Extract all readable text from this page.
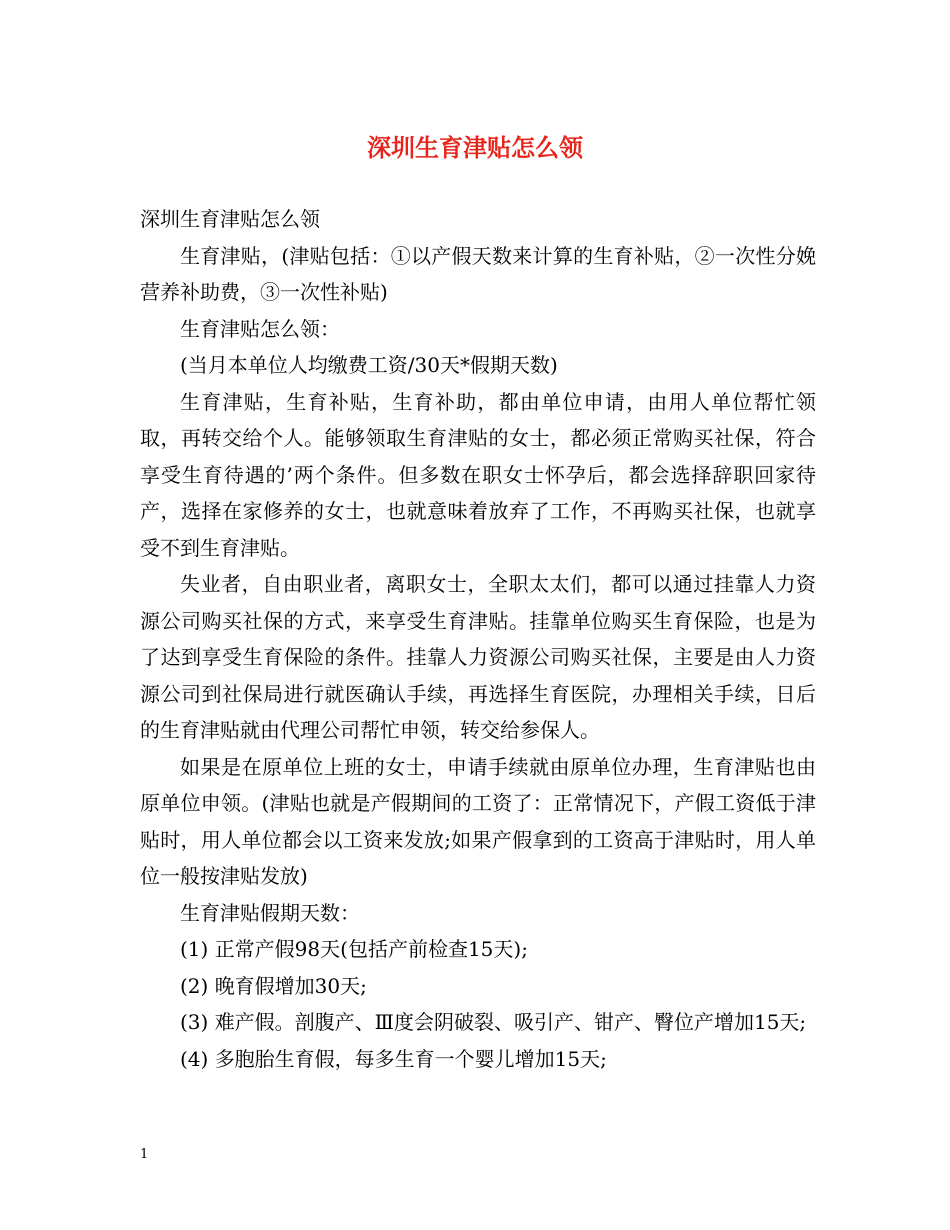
深圳生育津贴怎么领

深圳生育津贴怎么领

生育津贴，(津贴包括：①以产假天数来计算的生育补贴，②一次性分娩营养补助费，③一次性补贴)

生育津贴怎么领：

(当月本单位人均缴费工资/30天*假期天数)

生育津贴，生育补贴，生育补助，都由单位申请，由用人单位帮忙领取，再转交给个人。能够领取生育津贴的女士，都必须正常购买社保，符合享受生育待遇的’两个条件。但多数在职女士怀孕后，都会选择辞职回家待产，选择在家修养的女士，也就意味着放弃了工作，不再购买社保，也就享受不到生育津贴。

失业者，自由职业者，离职女士，全职太太们，都可以通过挂靠人力资源公司购买社保的方式，来享受生育津贴。挂靠单位购买生育保险，也是为了达到享受生育保险的条件。挂靠人力资源公司购买社保，主要是由人力资源公司到社保局进行就医确认手续，再选择生育医院，办理相关手续，日后的生育津贴就由代理公司帮忙申领，转交给参保人。

如果是在原单位上班的女士，申请手续就由原单位办理，生育津贴也由原单位申领。(津贴也就是产假期间的工资了：正常情况下，产假工资低于津贴时，用人单位都会以工资来发放;如果产假拿到的工资高于津贴时，用人单位一般按津贴发放)

生育津贴假期天数：

(1) 正常产假98天(包括产前检查15天);

(2) 晚育假增加30天;

(3) 难产假。剖腹产、Ⅲ度会阴破裂、吸引产、钳产、臀位产增加15天;

(4) 多胞胎生育假，每多生育一个婴儿增加15天;

1
